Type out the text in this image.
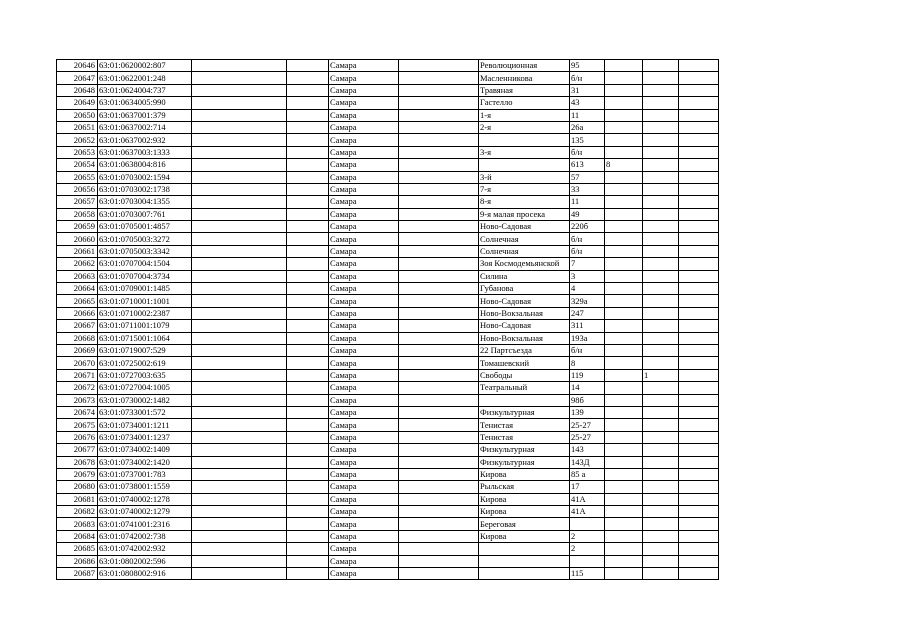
20646	63:01:0620002:807			Самара		Революционная	95			
20647	63:01:0622001:248			Самара		Масленникова	б/н			
20648	63:01:0624004:737			Самара		Травяная	31			
20649	63:01:0634005:990			Самара		Гастелло	43			
20650	63:01:0637001:379			Самара		1-я	11			
20651	63:01:0637002:714			Самара		2-я	26а			
20652	63:01:0637002:932			Самара			135			
20653	63:01:0637003:1333			Самара		3-я	б/н			
20654	63:01:0638004:816			Самара			613	8		
20655	63:01:0703002:1594			Самара		3-й	57			
20656	63:01:0703002:1738			Самара		7-я	33			
20657	63:01:0703004:1355			Самара		8-я	11			
20658	63:01:0703007:761			Самара		9-я малая просека	49			
20659	63:01:0705001:4857			Самара		Ново-Садовая	220б			
20660	63:01:0705003:3272			Самара		Солнечная	б/н			
20661	63:01:0705003:3342			Самара		Солнечная	б/н			
20662	63:01:0707004:1504			Самара		Зоя Космодемьянской	7			
20663	63:01:0707004:3734			Самара		Силина	3			
20664	63:01:0709001:1485			Самара		Губанова	4			
20665	63:01:0710001:1001			Самара		Ново-Садовая	329а			
20666	63:01:0710002:2387			Самара		Ново-Вокзальная	247			
20667	63:01:0711001:1079			Самара		Ново-Садовая	311			
20668	63:01:0715001:1064			Самара		Ново-Вокзальная	193а			
20669	63:01:0719007:529			Самара		22 Партсъезда	б/н			
20670	63:01:0725002:619			Самара		Томашевский	8			
20671	63:01:0727003:635			Самара		Свободы	119		1	
20672	63:01:0727004:1005			Самара		Театральный	14			
20673	63:01:0730002:1482			Самара			98б			
20674	63:01:0733001:572			Самара		Физкультурная	139			
20675	63:01:0734001:1211			Самара		Тенистая	25-27			
20676	63:01:0734001:1237			Самара		Тенистая	25-27			
20677	63:01:0734002:1409			Самара		Физкультурная	143			
20678	63:01:0734002:1420			Самара		Физкультурная	143Д			
20679	63:01:0737001:783			Самара		Кирова	85 а			
20680	63:01:0738001:1559			Самара		Рыльская	17			
20681	63:01:0740002:1278			Самара		Кирова	41А			
20682	63:01:0740002:1279			Самара		Кирова	41А			
20683	63:01:0741001:2316			Самара		Береговая				
20684	63:01:0742002:738			Самара		Кирова	2			
20685	63:01:0742002:932			Самара			2			
20686	63:01:0802002:596			Самара						
20687	63:01:0808002:916			Самара			115			
